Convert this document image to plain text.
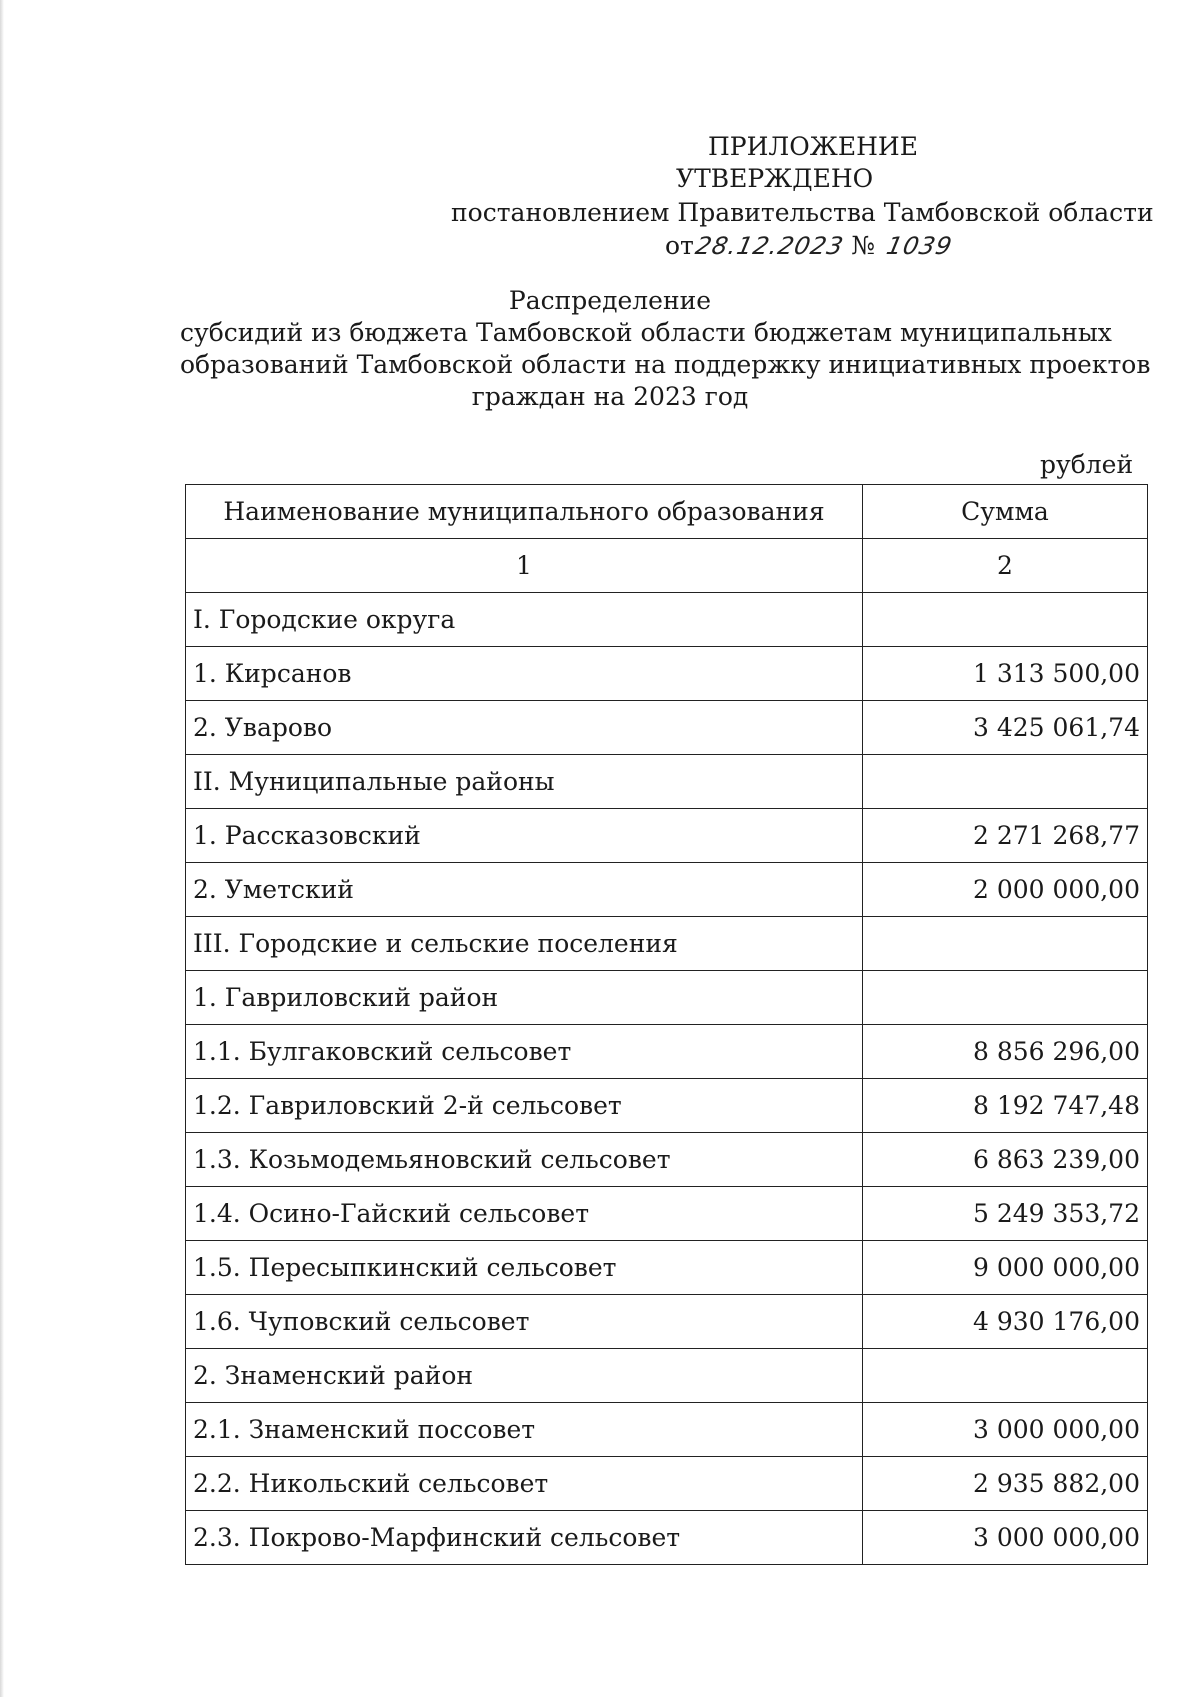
ПРИЛОЖЕНИЕ
УТВЕРЖДЕНО
постановлением Правительства Тамбовской области
от28.12.2023 № 1039
Распределение
субсидий из бюджета Тамбовской области бюджетам муниципальных
образований Тамбовской области на поддержку инициативных проектов
граждан на 2023 год
рублей
Наименование муниципального образования	Сумма
1	2
I. Городские округа	
1. Кирсанов	1 313 500,00
2. Уварово	3 425 061,74
II. Муниципальные районы	
1. Рассказовский	2 271 268,77
2. Уметский	2 000 000,00
III. Городские и сельские поселения	
1. Гавриловский район	
1.1. Булгаковский сельсовет	8 856 296,00
1.2. Гавриловский 2-й сельсовет	8 192 747,48
1.3. Козьмодемьяновский сельсовет	6 863 239,00
1.4. Осино-Гайский сельсовет	5 249 353,72
1.5. Пересыпкинский сельсовет	9 000 000,00
1.6. Чуповский сельсовет	4 930 176,00
2. Знаменский район	
2.1. Знаменский поссовет	3 000 000,00
2.2. Никольский сельсовет	2 935 882,00
2.3. Покрово-Марфинский сельсовет	3 000 000,00
